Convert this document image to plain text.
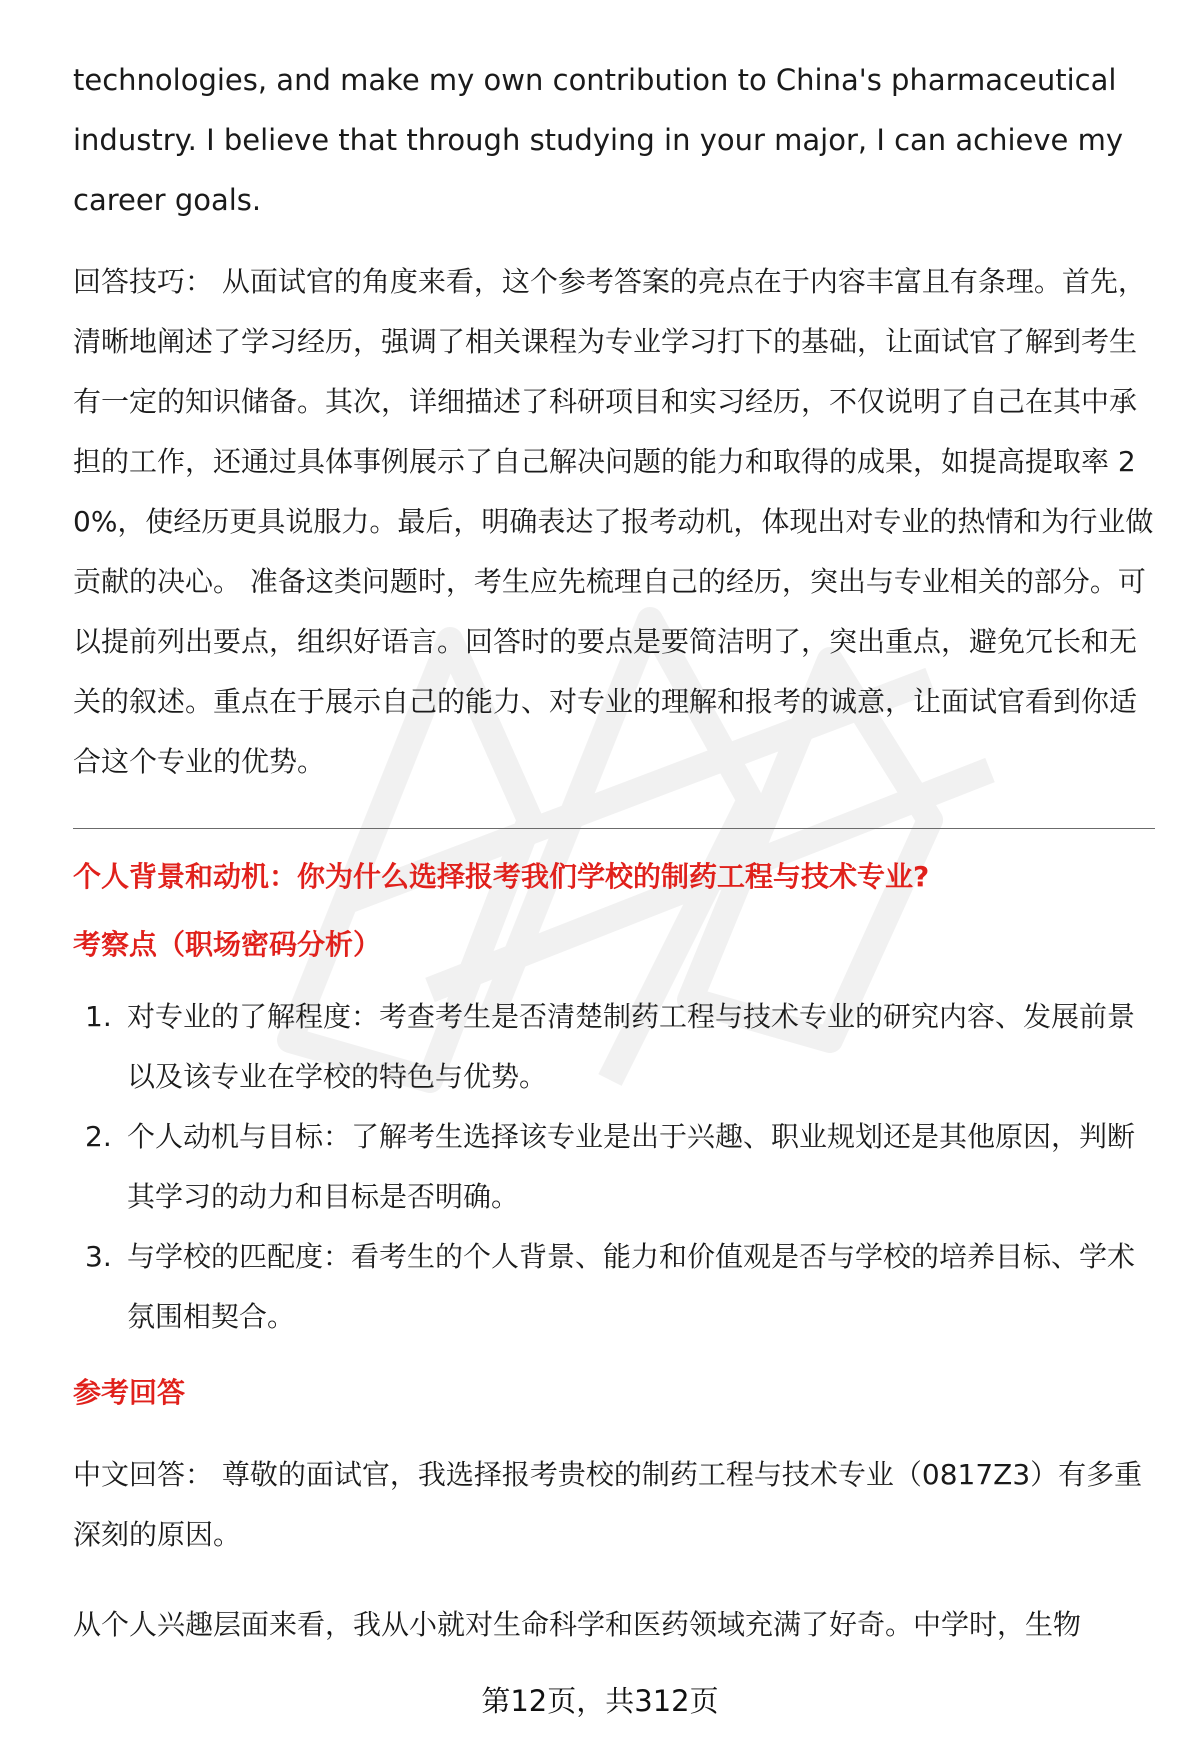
technologies, and make my own contribution to China's pharmaceutical industry. I believe that through studying in your major, I can achieve my career goals.

回答技巧： 从面试官的角度来看，这个参考答案的亮点在于内容丰富且有条理。首先，清晰地阐述了学习经历，强调了相关课程为专业学习打下的基础，让面试官了解到考生有一定的知识储备。其次，详细描述了科研项目和实习经历，不仅说明了自己在其中承担的工作，还通过具体事例展示了自己解决问题的能力和取得的成果，如提高提取率 20%，使经历更具说服力。最后，明确表达了报考动机，体现出对专业的热情和为行业做贡献的决心。 准备这类问题时，考生应先梳理自己的经历，突出与专业相关的部分。可以提前列出要点，组织好语言。回答时的要点是要简洁明了，突出重点，避免冗长和无关的叙述。重点在于展示自己的能力、对专业的理解和报考的诚意，让面试官看到你适合这个专业的优势。

个人背景和动机：你为什么选择报考我们学校的制药工程与技术专业?

考察点（职场密码分析）

1. 对专业的了解程度：考查考生是否清楚制药工程与技术专业的研究内容、发展前景以及该专业在学校的特色与优势。
2. 个人动机与目标：了解考生选择该专业是出于兴趣、职业规划还是其他原因，判断其学习的动力和目标是否明确。
3. 与学校的匹配度：看考生的个人背景、能力和价值观是否与学校的培养目标、学术氛围相契合。

参考回答

中文回答： 尊敬的面试官，我选择报考贵校的制药工程与技术专业（0817Z3）有多重深刻的原因。

从个人兴趣层面来看，我从小就对生命科学和医药领域充满了好奇。中学时，生物

第12页，共312页
